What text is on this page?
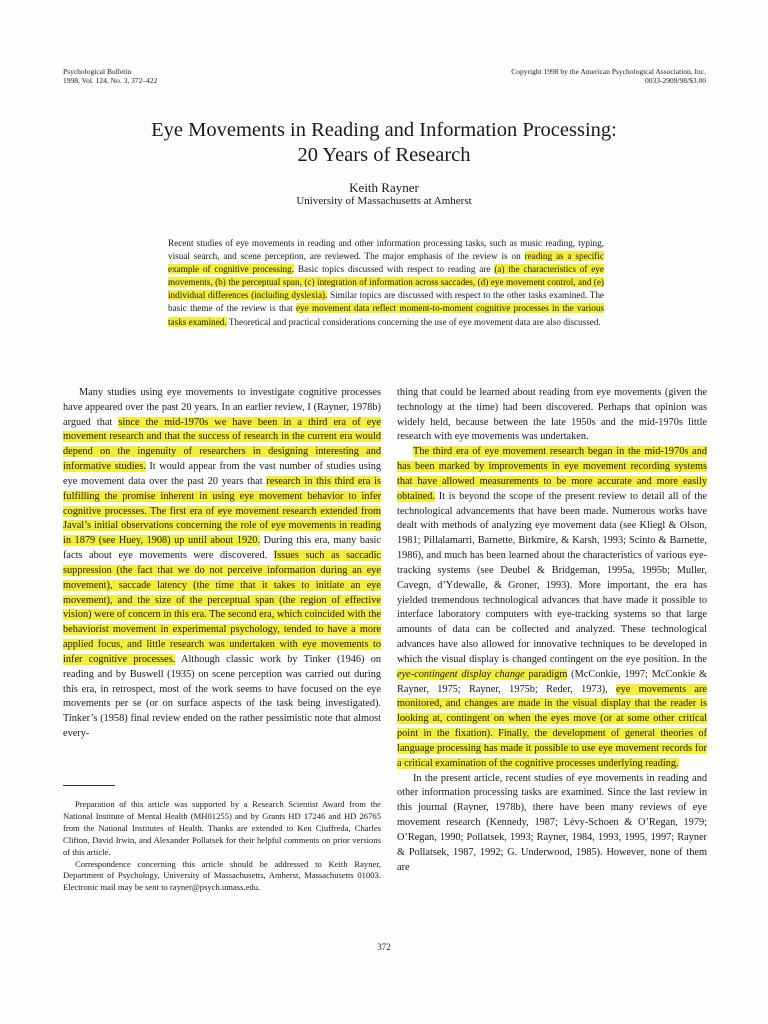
Psychological Bulletin
1998, Vol. 124, No. 3, 372–422
Copyright 1998 by the American Psychological Association, Inc.
0033-2909/98/$3.00
Eye Movements in Reading and Information Processing:
20 Years of Research
Keith Rayner
University of Massachusetts at Amherst
Recent studies of eye movements in reading and other information processing tasks, such as music reading, typing, visual search, and scene perception, are reviewed. The major emphasis of the review is on reading as a specific example of cognitive processing. Basic topics discussed with respect to reading are (a) the characteristics of eye movements, (b) the perceptual span, (c) integration of information across saccades, (d) eye movement control, and (e) individual differences (including dyslexia). Similar topics are discussed with respect to the other tasks examined. The basic theme of the review is that eye movement data reflect moment-to-moment cognitive processes in the various tasks examined. Theoretical and practical considerations concerning the use of eye movement data are also discussed.

Many studies using eye movements to investigate cognitive processes have appeared over the past 20 years. In an earlier review, I (Rayner, 1978b) argued that since the mid-1970s we have been in a third era of eye movement research and that the success of research in the current era would depend on the ingenuity of researchers in designing interesting and informative studies. It would appear from the vast number of studies using eye movement data over the past 20 years that research in this third era is fulfilling the promise inherent in using eye movement behavior to infer cognitive processes. The first era of eye movement research extended from Javal’s initial observations concerning the role of eye movements in reading in 1879 (see Huey, 1908) up until about 1920. During this era, many basic facts about eye movements were discovered. Issues such as saccadic suppression (the fact that we do not perceive information during an eye movement), saccade latency (the time that it takes to initiate an eye movement), and the size of the perceptual span (the region of effective vision) were of concern in this era. The second era, which coincided with the behaviorist movement in experimental psychology, tended to have a more applied focus, and little research was undertaken with eye movements to infer cognitive processes. Although classic work by Tinker (1946) on reading and by Buswell (1935) on scene perception was carried out during this era, in retrospect, most of the work seems to have focused on the eye movements per se (or on surface aspects of the task being investigated). Tinker’s (1958) final review ended on the rather pessimistic note that almost every-

Preparation of this article was supported by a Research Scientist Award from the National Institute of Mental Health (MH01255) and by Grants HD 17246 and HD 26765 from the National Institutes of Health. Thanks are extended to Ken Ciuffreda, Charles Clifton, David Irwin, and Alexander Pollatsek for their helpful comments on prior versions of this article.

Correspondence concerning this article should be addressed to Keith Rayner, Department of Psychology, University of Massachusetts, Amherst, Massachusetts 01003. Electronic mail may be sent to rayner@psych.umass.edu.

thing that could be learned about reading from eye movements (given the technology at the time) had been discovered. Perhaps that opinion was widely held, because between the late 1950s and the mid-1970s little research with eye movements was undertaken.

The third era of eye movement research began in the mid-1970s and has been marked by improvements in eye movement recording systems that have allowed measurements to be more accurate and more easily obtained. It is beyond the scope of the present review to detail all of the technological advancements that have been made. Numerous works have dealt with methods of analyzing eye movement data (see Kliegl & Olson, 1981; Pillalamarri, Barnette, Birkmire, & Karsh, 1993; Scinto & Barnette, 1986), and much has been learned about the characteristics of various eye-tracking systems (see Deubel & Bridgeman, 1995a, 1995b; Muller, Cavegn, d’Ydewalle, & Groner, 1993). More important, the era has yielded tremendous technological advances that have made it possible to interface laboratory computers with eye-tracking systems so that large amounts of data can be collected and analyzed. These technological advances have also allowed for innovative techniques to be developed in which the visual display is changed contingent on the eye position. In the eye-contingent display change paradigm (McConkie, 1997; McConkie & Rayner, 1975; Rayner, 1975b; Reder, 1973), eye movements are monitored, and changes are made in the visual display that the reader is looking at, contingent on when the eyes move (or at some other critical point in the fixation). Finally, the development of general theories of language processing has made it possible to use eye movement records for a critical examination of the cognitive processes underlying reading.

In the present article, recent studies of eye movements in reading and other information processing tasks are examined. Since the last review in this journal (Rayner, 1978b), there have been many reviews of eye movement research (Kennedy, 1987; Lévy-Schoen & O’Regan, 1979; O’Regan, 1990; Pollatsek, 1993; Rayner, 1984, 1993, 1995, 1997; Rayner & Pollatsek, 1987, 1992; G. Underwood, 1985). However, none of them are

372
